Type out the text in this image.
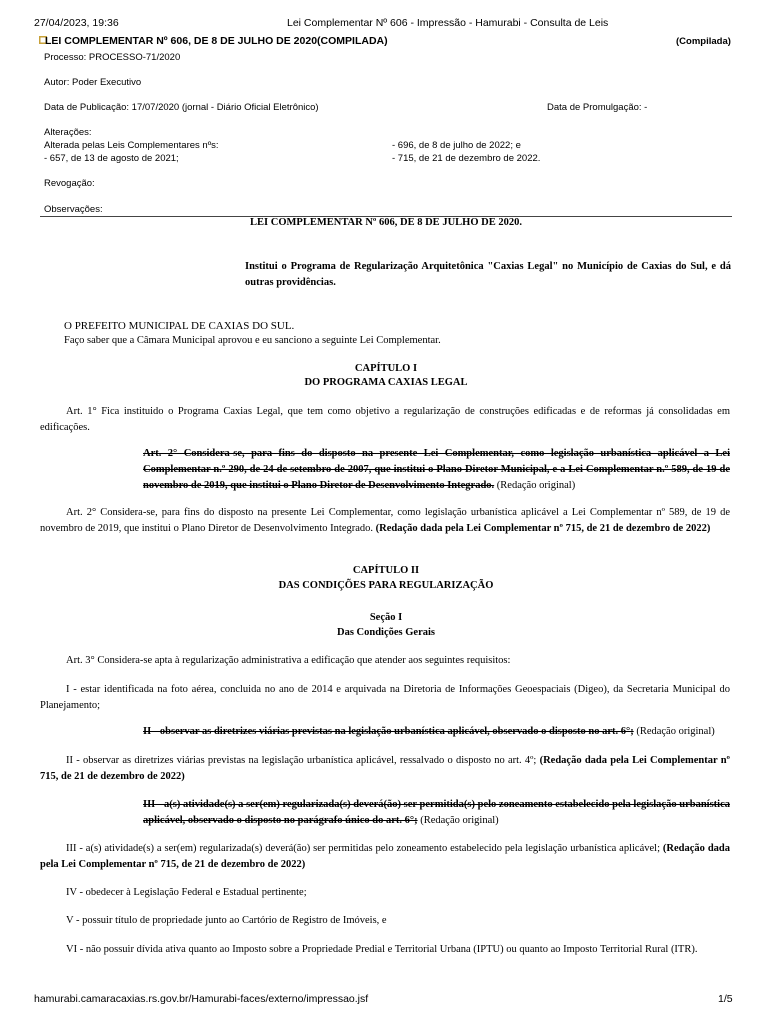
27/04/2023, 19:36	Lei Complementar Nº 606 - Impressão - Hamurabi - Consulta de Leis
LEI COMPLEMENTAR Nº 606, DE 8 DE JULHO DE 2020(COMPILADA)	(Compilada)
Processo: PROCESSO-71/2020
Autor: Poder Executivo
Data de Publicação: 17/07/2020 (jornal - Diário Oficial Eletrônico)	Data de Promulgação: -
Alterações:
Alterada pelas Leis Complementares nºs:
- 657, de 13 de agosto de 2021;
- 696, de 8 de julho de 2022; e
- 715, de 21 de dezembro de 2022.
Revogação:
Observações:
LEI COMPLEMENTAR Nº 606, DE 8 DE JULHO DE 2020.
Institui o Programa de Regularização Arquitetônica "Caxias Legal" no Município de Caxias do Sul, e dá outras providências.
O PREFEITO MUNICIPAL DE CAXIAS DO SUL.
Faço saber que a Câmara Municipal aprovou e eu sanciono a seguinte Lei Complementar.
CAPÍTULO I
DO PROGRAMA CAXIAS LEGAL
Art. 1° Fica instituido o Programa Caxias Legal, que tem como objetivo a regularização de construções edificadas e de reformas já consolidadas em edificações.
Art. 2° Considera-se, para fins do disposto na presente Lei Complementar, como legislação urbanística aplicável a Lei Complementar n.º 290, de 24 de setembro de 2007, que institui o Plano Diretor Municipal, e a Lei Complementar n.º 589, de 19 de novembro de 2019, que institui o Plano Diretor de Desenvolvimento Integrado. (Redação original)
Art. 2° Considera-se, para fins do disposto na presente Lei Complementar, como legislação urbanística aplicável a Lei Complementar nº 589, de 19 de novembro de 2019, que institui o Plano Diretor de Desenvolvimento Integrado. (Redação dada pela Lei Complementar nº 715, de 21 de dezembro de 2022)
CAPÍTULO II
DAS CONDIÇÕES PARA REGULARIZAÇÃO
Seção I
Das Condições Gerais
Art. 3° Considera-se apta à regularização administrativa a edificação que atender aos seguintes requisitos:
I - estar identificada na foto aérea, concluida no ano de 2014 e arquivada na Diretoria de Informações Geoespaciais (Digeo), da Secretaria Municipal do Planejamento;
II - observar as diretrizes viárias previstas na legislação urbanística aplicável, observado o disposto no art. 6°; (Redação original)
II - observar as diretrizes viárias previstas na legislação urbanística aplicável, ressalvado o disposto no art. 4º; (Redação dada pela Lei Complementar nº 715, de 21 de dezembro de 2022)
III - a(s) atividade(s) a ser(em) regularizada(s) deverá(ão) ser permitida(s) pelo zoneamento estabelecido pela legislação urbanística aplicável, observado o disposto no parágrafo único do art. 6°; (Redação original)
III - a(s) atividade(s) a ser(em) regularizada(s) deverá(ão) ser permitidas pelo zoneamento estabelecido pela legislação urbanística aplicável; (Redação dada pela Lei Complementar nº 715, de 21 de dezembro de 2022)
IV - obedecer à Legislação Federal e Estadual pertinente;
V - possuir título de propriedade junto ao Cartório de Registro de Imóveis, e
VI - não possuir dívida ativa quanto ao Imposto sobre a Propriedade Predial e Territorial Urbana (IPTU) ou quanto ao Imposto Territorial Rural (ITR).
hamurabi.camaracaxias.rs.gov.br/Hamurabi-faces/externo/impressao.jsf	1/5
